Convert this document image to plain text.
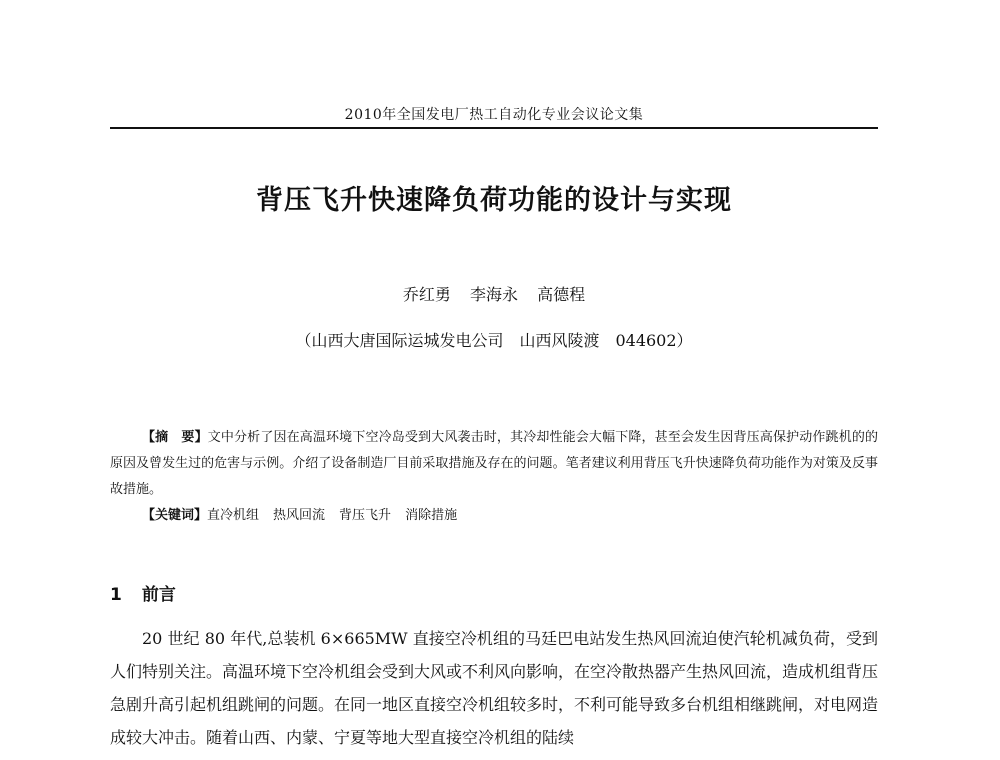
2010年全国发电厂热工自动化专业会议论文集
背压飞升快速降负荷功能的设计与实现
乔红勇 李海永 高德程
（山西大唐国际运城发电公司　山西风陵渡　044602）

【摘　要】文中分析了因在高温环境下空冷岛受到大风袭击时，其冷却性能会大幅下降，甚至会发生因背压高保护动作跳机的的原因及曾发生过的危害与示例。介绍了设备制造厂目前采取措施及存在的问题。笔者建议利用背压飞升快速降负荷功能作为对策及反事故措施。

【关键词】直冷机组 热风回流 背压飞升 消除措施

1 前言

20 世纪 80 年代,总装机 6×665MW 直接空冷机组的马廷巴电站发生热风回流迫使汽轮机减负荷，受到人们特别关注。高温环境下空冷机组会受到大风或不利风向影响，在空冷散热器产生热风回流，造成机组背压急剧升高引起机组跳闸的问题。在同一地区直接空冷机组较多时，不利可能导致多台机组相继跳闸，对电网造成较大冲击。随着山西、内蒙、宁夏等地大型直接空冷机组的陆续
